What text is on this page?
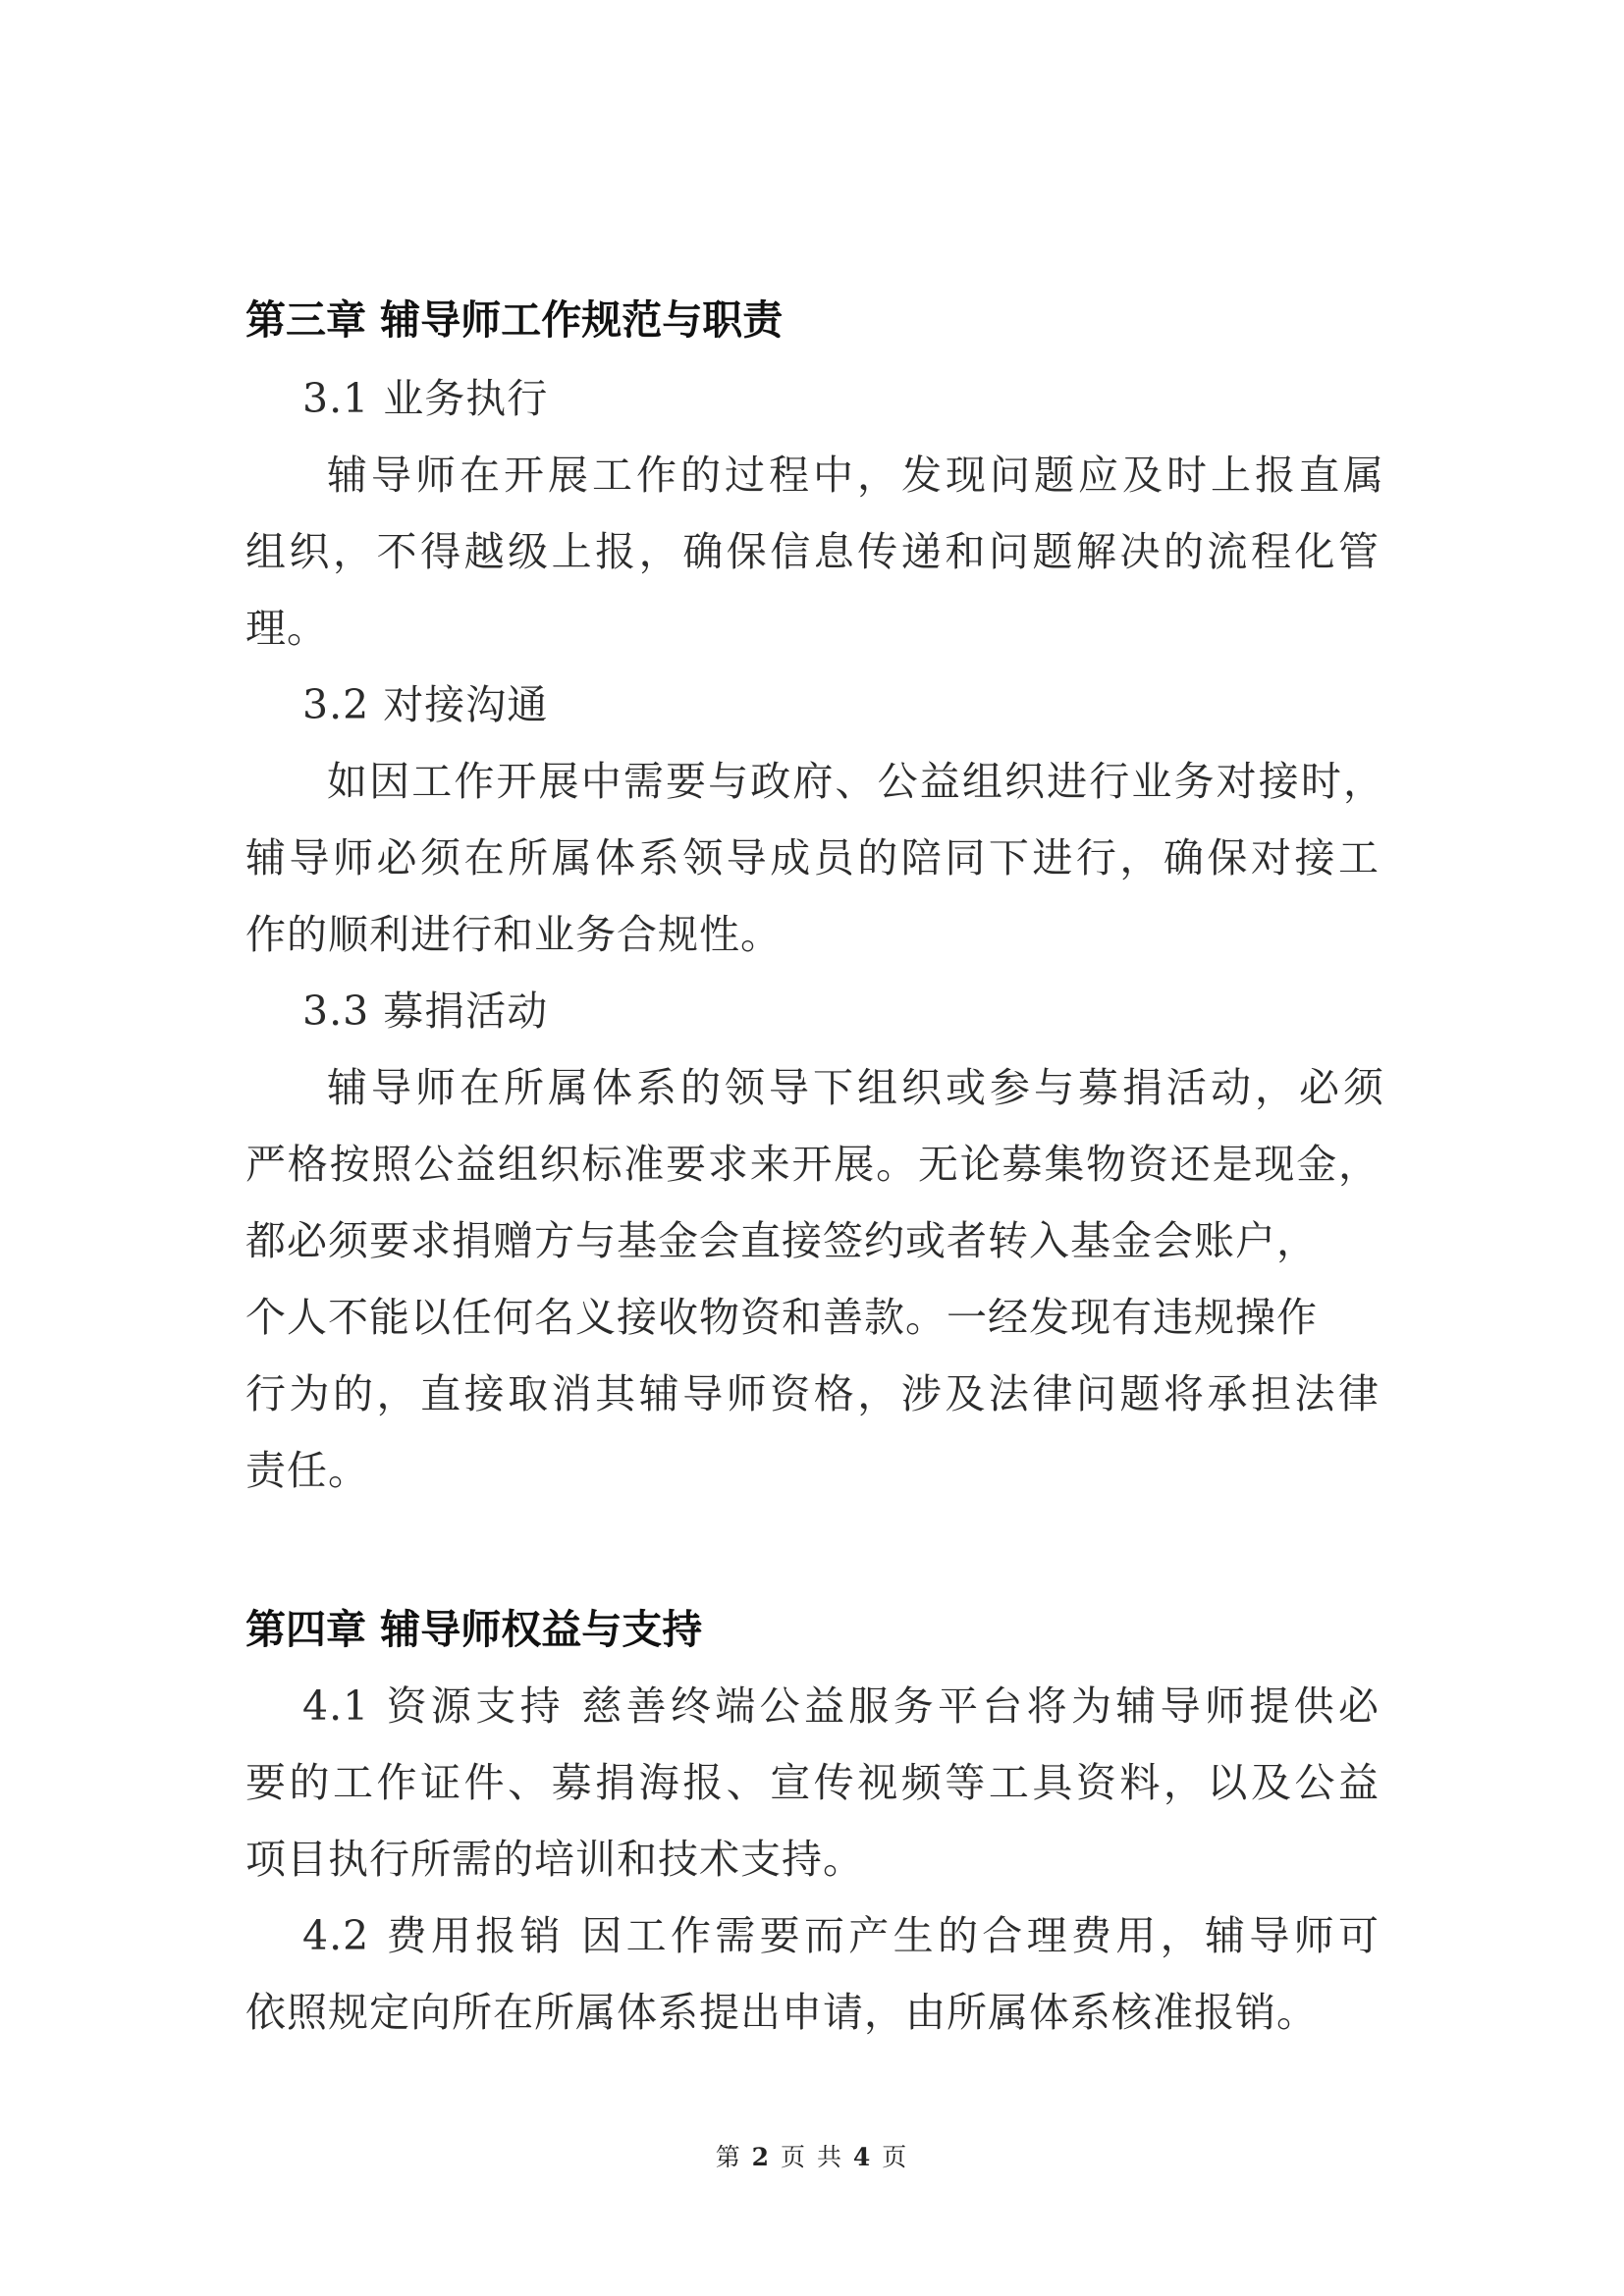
第三章 辅导师工作规范与职责
3.1 业务执行
辅导师在开展工作的过程中，发现问题应及时上报直属
组织，不得越级上报，确保信息传递和问题解决的流程化管
理。
3.2 对接沟通
如因工作开展中需要与政府、公益组织进行业务对接时，
辅导师必须在所属体系领导成员的陪同下进行，确保对接工
作的顺利进行和业务合规性。
3.3 募捐活动
辅导师在所属体系的领导下组织或参与募捐活动，必须
严格按照公益组织标准要求来开展。无论募集物资还是现金，
都必须要求捐赠方与基金会直接签约或者转入基金会账户，
个人不能以任何名义接收物资和善款。一经发现有违规操作
行为的，直接取消其辅导师资格，涉及法律问题将承担法律
责任。
第四章 辅导师权益与支持
4.1 资源支持 慈善终端公益服务平台将为辅导师提供必
要的工作证件、募捐海报、宣传视频等工具资料，以及公益
项目执行所需的培训和技术支持。
4.2 费用报销 因工作需要而产生的合理费用，辅导师可
依照规定向所在所属体系提出申请，由所属体系核准报销。
第 2 页 共 4 页
